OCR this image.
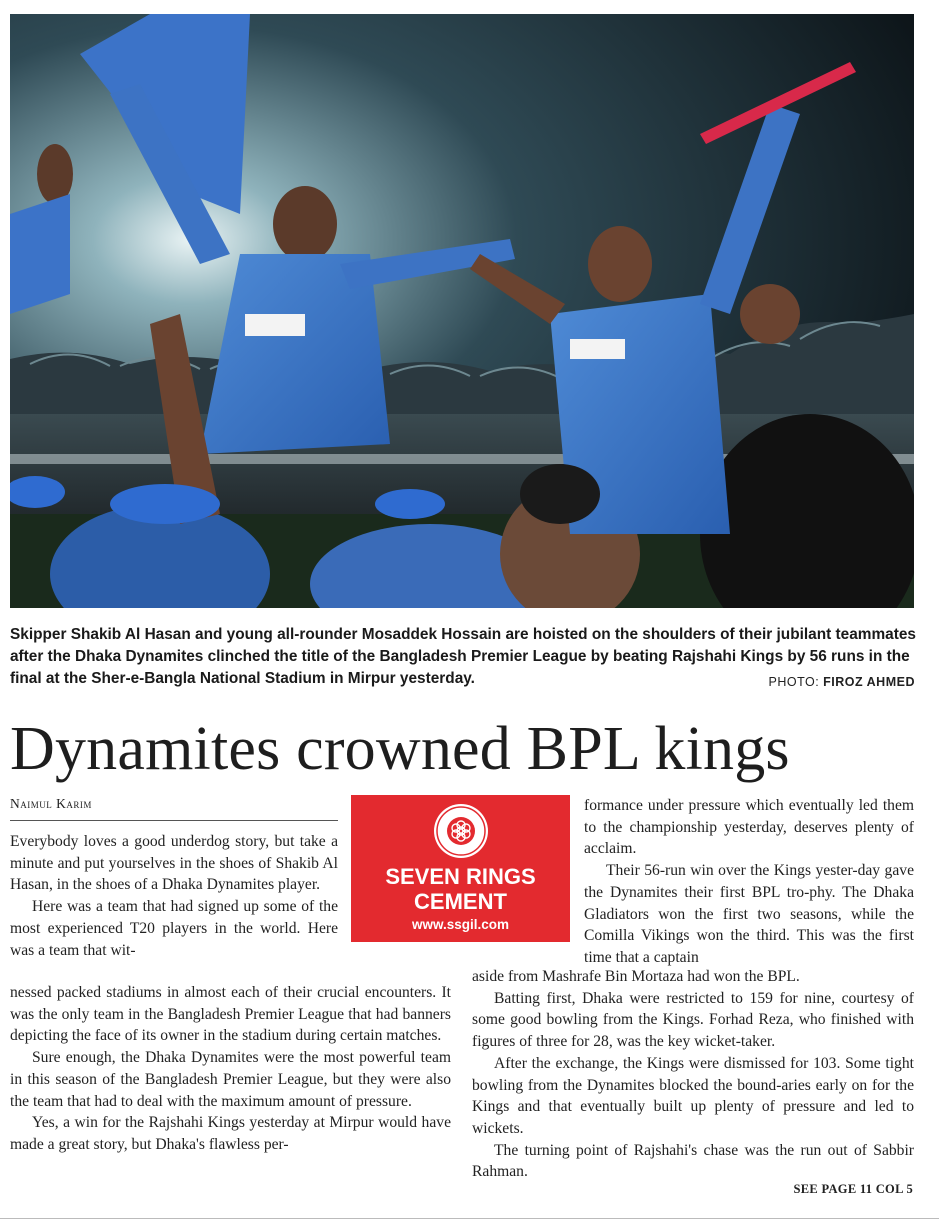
Skipper Shakib Al Hasan and young all-rounder Mosaddek Hossain are hoisted on the shoulders of their jubilant teammates after the Dhaka Dynamites clinched the title of the Bangladesh Premier League by beating Rajshahi Kings by 56 runs in the final at the Sher-e-Bangla National Stadium in Mirpur yesterday.	PHOTO: FIROZ AHMED
Dynamites crowned BPL kings
Naimul Karim

Everybody loves a good underdog story, but take a minute and put yourselves in the shoes of Shakib Al Hasan, in the shoes of a Dhaka Dynamites player.

Here was a team that had signed up some of the most experienced T20 players in the world. Here was a team that wit-

nessed packed stadiums in almost each of their crucial encounters. It was the only team in the Bangladesh Premier League that had banners depicting the face of its owner in the stadium during certain matches.

Sure enough, the Dhaka Dynamites were the most powerful team in this season of the Bangladesh Premier League, but they were also the team that had to deal with the maximum amount of pressure.

Yes, a win for the Rajshahi Kings yesterday at Mirpur would have made a great story, but Dhaka's flawless per-

SEVEN RINGS
CEMENT
www.ssgil.com

formance under pressure which eventually led them to the championship yesterday, deserves plenty of acclaim.

Their 56-run win over the Kings yester-day gave the Dynamites their first BPL tro-phy. The Dhaka Gladiators won the first two seasons, while the Comilla Vikings won the third. This was the first time that a captain

aside from Mashrafe Bin Mortaza had won the BPL.

Batting first, Dhaka were restricted to 159 for nine, courtesy of some good bowling from the Kings. Forhad Reza, who finished with figures of three for 28, was the key wicket-taker.

After the exchange, the Kings were dismissed for 103. Some tight bowling from the Dynamites blocked the bound-aries early on for the Kings and that eventually built up plenty of pressure and led to wickets.

The turning point of Rajshahi's chase was the run out of Sabbir Rahman.

SEE PAGE 11 COL 5
